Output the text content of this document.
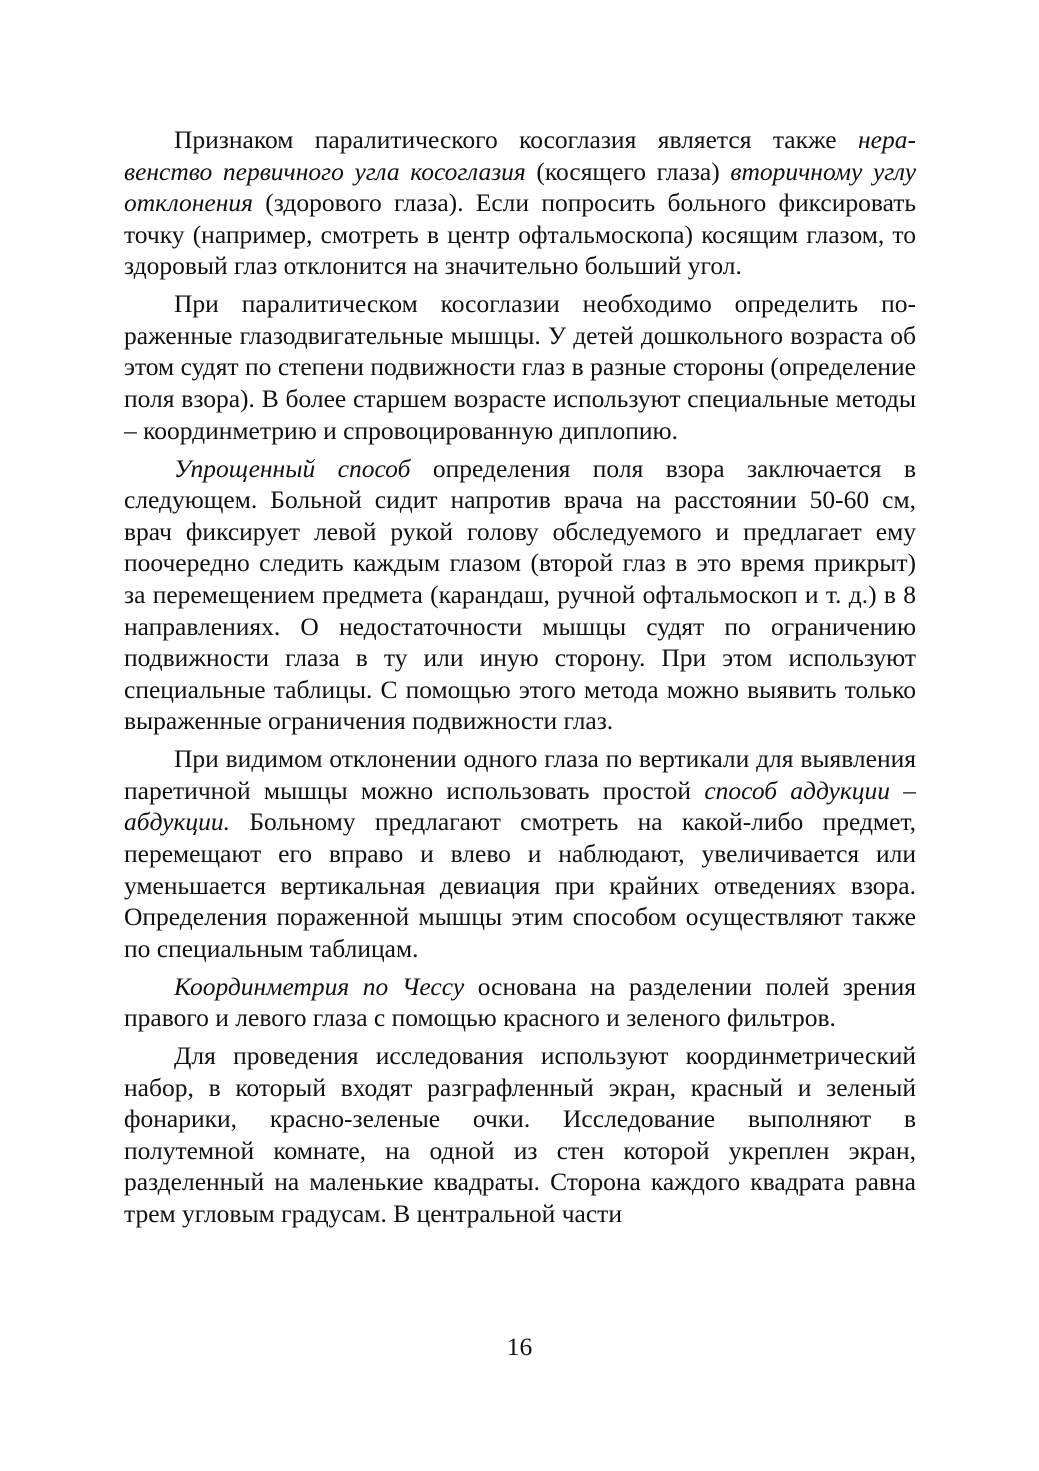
Признаком паралитического косоглазия является также неравенство первичного угла косоглазия (косящего глаза) вторичному углу отклонения (здорового глаза). Если попросить больного фиксировать точку (например, смотреть в центр офтальмоскопа) косящим глазом, то здоровый глаз отклонится на значительно больший угол.

При паралитическом косоглазии необходимо определить пораженные глазодвигательные мышцы. У детей дошкольного возраста об этом судят по степени подвижности глаз в разные стороны (определение поля взора). В более старшем возрасте используют специальные методы – координметрию и спровоцированную диплопию.

Упрощенный способ определения поля взора заключается в следующем. Больной сидит напротив врача на расстоянии 50-60 см, врач фиксирует левой рукой голову обследуемого и предлагает ему поочередно следить каждым глазом (второй глаз в это время прикрыт) за перемещением предмета (карандаш, ручной офтальмоскоп и т. д.) в 8 направлениях. О недостаточности мышцы судят по ограничению подвижности глаза в ту или иную сторону. При этом используют специальные таблицы. С помощью этого метода можно выявить только выраженные ограничения подвижности глаз.

При видимом отклонении одного глаза по вертикали для выявления паретичной мышцы можно использовать простой способ аддукции – абдукции. Больному предлагают смотреть на какой-либо предмет, перемещают его вправо и влево и наблюдают, увеличивается или уменьшается вертикальная девиация при крайних отведениях взора. Определения пораженной мышцы этим способом осуществляют также по специальным таблицам.

Координметрия по Чессу основана на разделении полей зрения правого и левого глаза с помощью красного и зеленого фильтров.

Для проведения исследования используют координметрический набор, в который входят разграфленный экран, красный и зеленый фонарики, красно-зеленые очки. Исследование выполняют в полутемной комнате, на одной из стен которой укреплен экран, разделенный на маленькие квадраты. Сторона каждого квадрата равна трем угловым градусам. В центральной части

16
